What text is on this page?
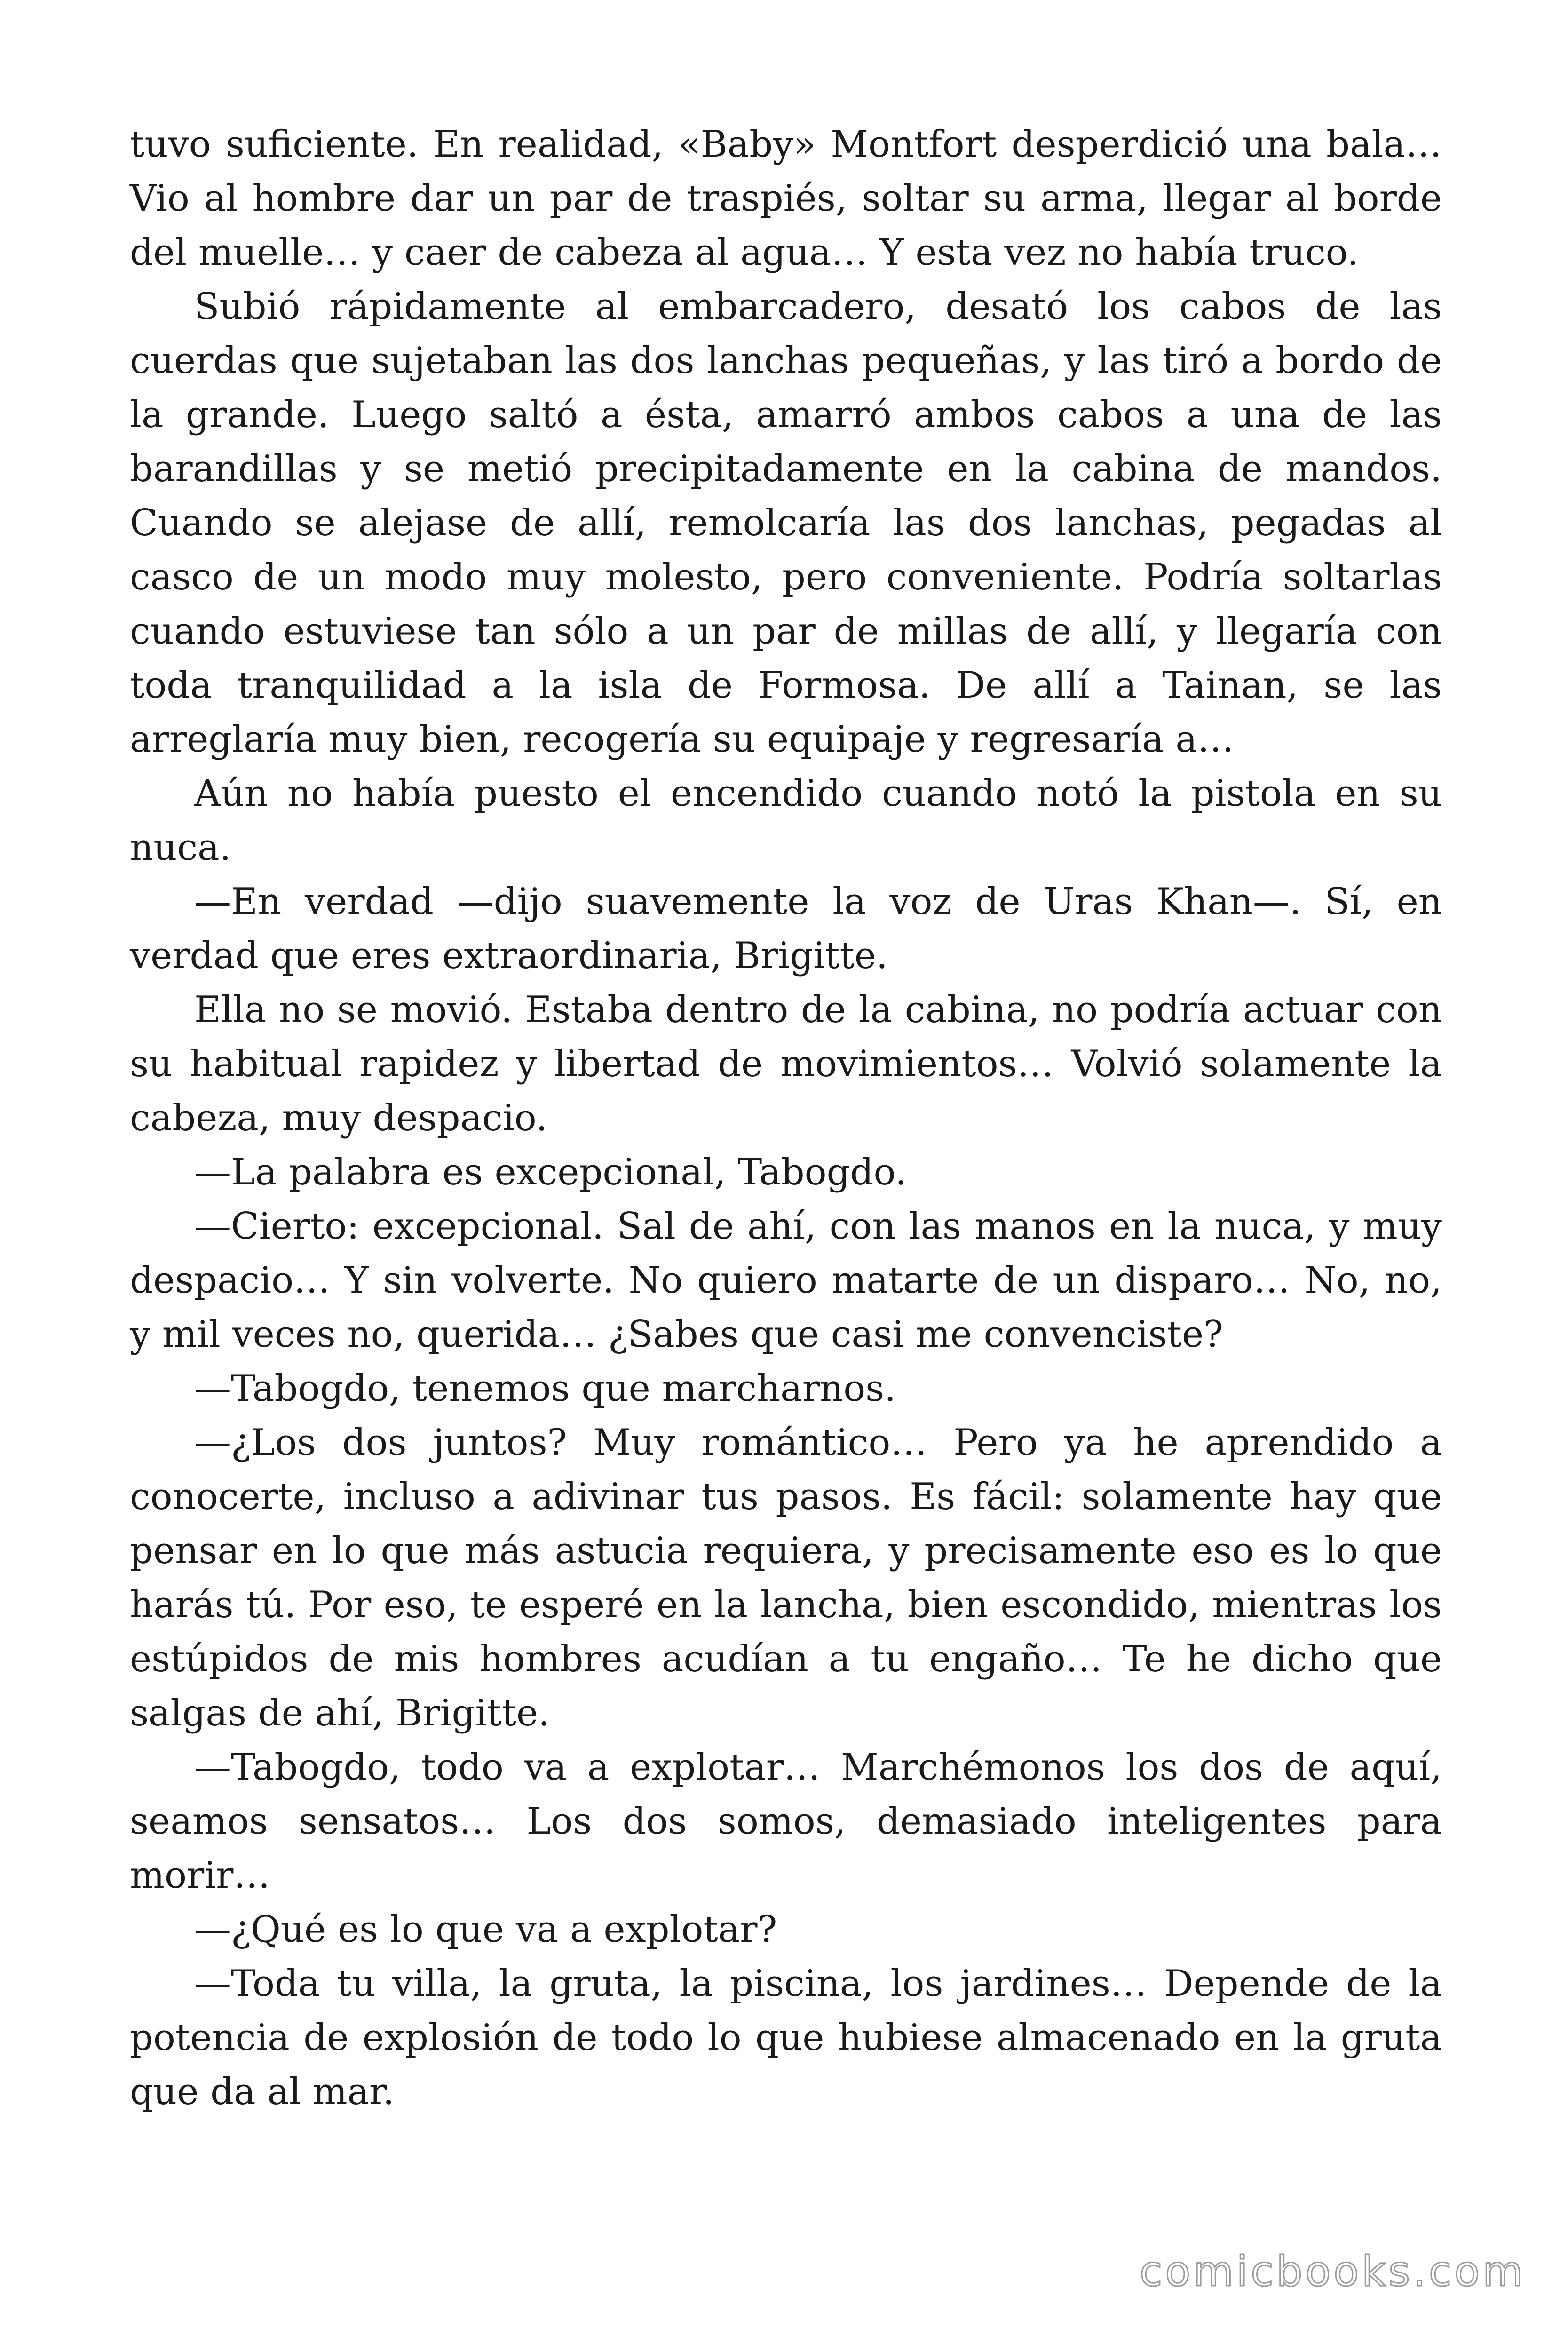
tuvo suficiente. En realidad, «Baby» Montfort desperdició una bala… Vio al hombre dar un par de traspiés, soltar su arma, llegar al borde del muelle… y caer de cabeza al agua… Y esta vez no había truco.

Subió rápidamente al embarcadero, desató los cabos de las cuerdas que sujetaban las dos lanchas pequeñas, y las tiró a bordo de la grande. Luego saltó a ésta, amarró ambos cabos a una de las barandillas y se metió precipitadamente en la cabina de mandos. Cuando se alejase de allí, remolcaría las dos lanchas, pegadas al casco de un modo muy molesto, pero conveniente. Podría soltarlas cuando estuviese tan sólo a un par de millas de allí, y llegaría con toda tranquilidad a la isla de Formosa. De allí a Tainan, se las arreglaría muy bien, recogería su equipaje y regresaría a…

Aún no había puesto el encendido cuando notó la pistola en su nuca.

—En verdad —dijo suavemente la voz de Uras Khan—. Sí, en verdad que eres extraordinaria, Brigitte.

Ella no se movió. Estaba dentro de la cabina, no podría actuar con su habitual rapidez y libertad de movimientos… Volvió solamente la cabeza, muy despacio.

—La palabra es excepcional, Tabogdo.

—Cierto: excepcional. Sal de ahí, con las manos en la nuca, y muy despacio… Y sin volverte. No quiero matarte de un disparo… No, no, y mil veces no, querida… ¿Sabes que casi me convenciste?

—Tabogdo, tenemos que marcharnos.

—¿Los dos juntos? Muy romántico… Pero ya he aprendido a conocerte, incluso a adivinar tus pasos. Es fácil: solamente hay que pensar en lo que más astucia requiera, y precisamente eso es lo que harás tú. Por eso, te esperé en la lancha, bien escondido, mientras los estúpidos de mis hombres acudían a tu engaño… Te he dicho que salgas de ahí, Brigitte.

—Tabogdo, todo va a explotar… Marchémonos los dos de aquí, seamos sensatos… Los dos somos, demasiado inteligentes para morir…

—¿Qué es lo que va a explotar?

—Toda tu villa, la gruta, la piscina, los jardines… Depende de la potencia de explosión de todo lo que hubiese almacenado en la gruta que da al mar.

comicbooks.com
